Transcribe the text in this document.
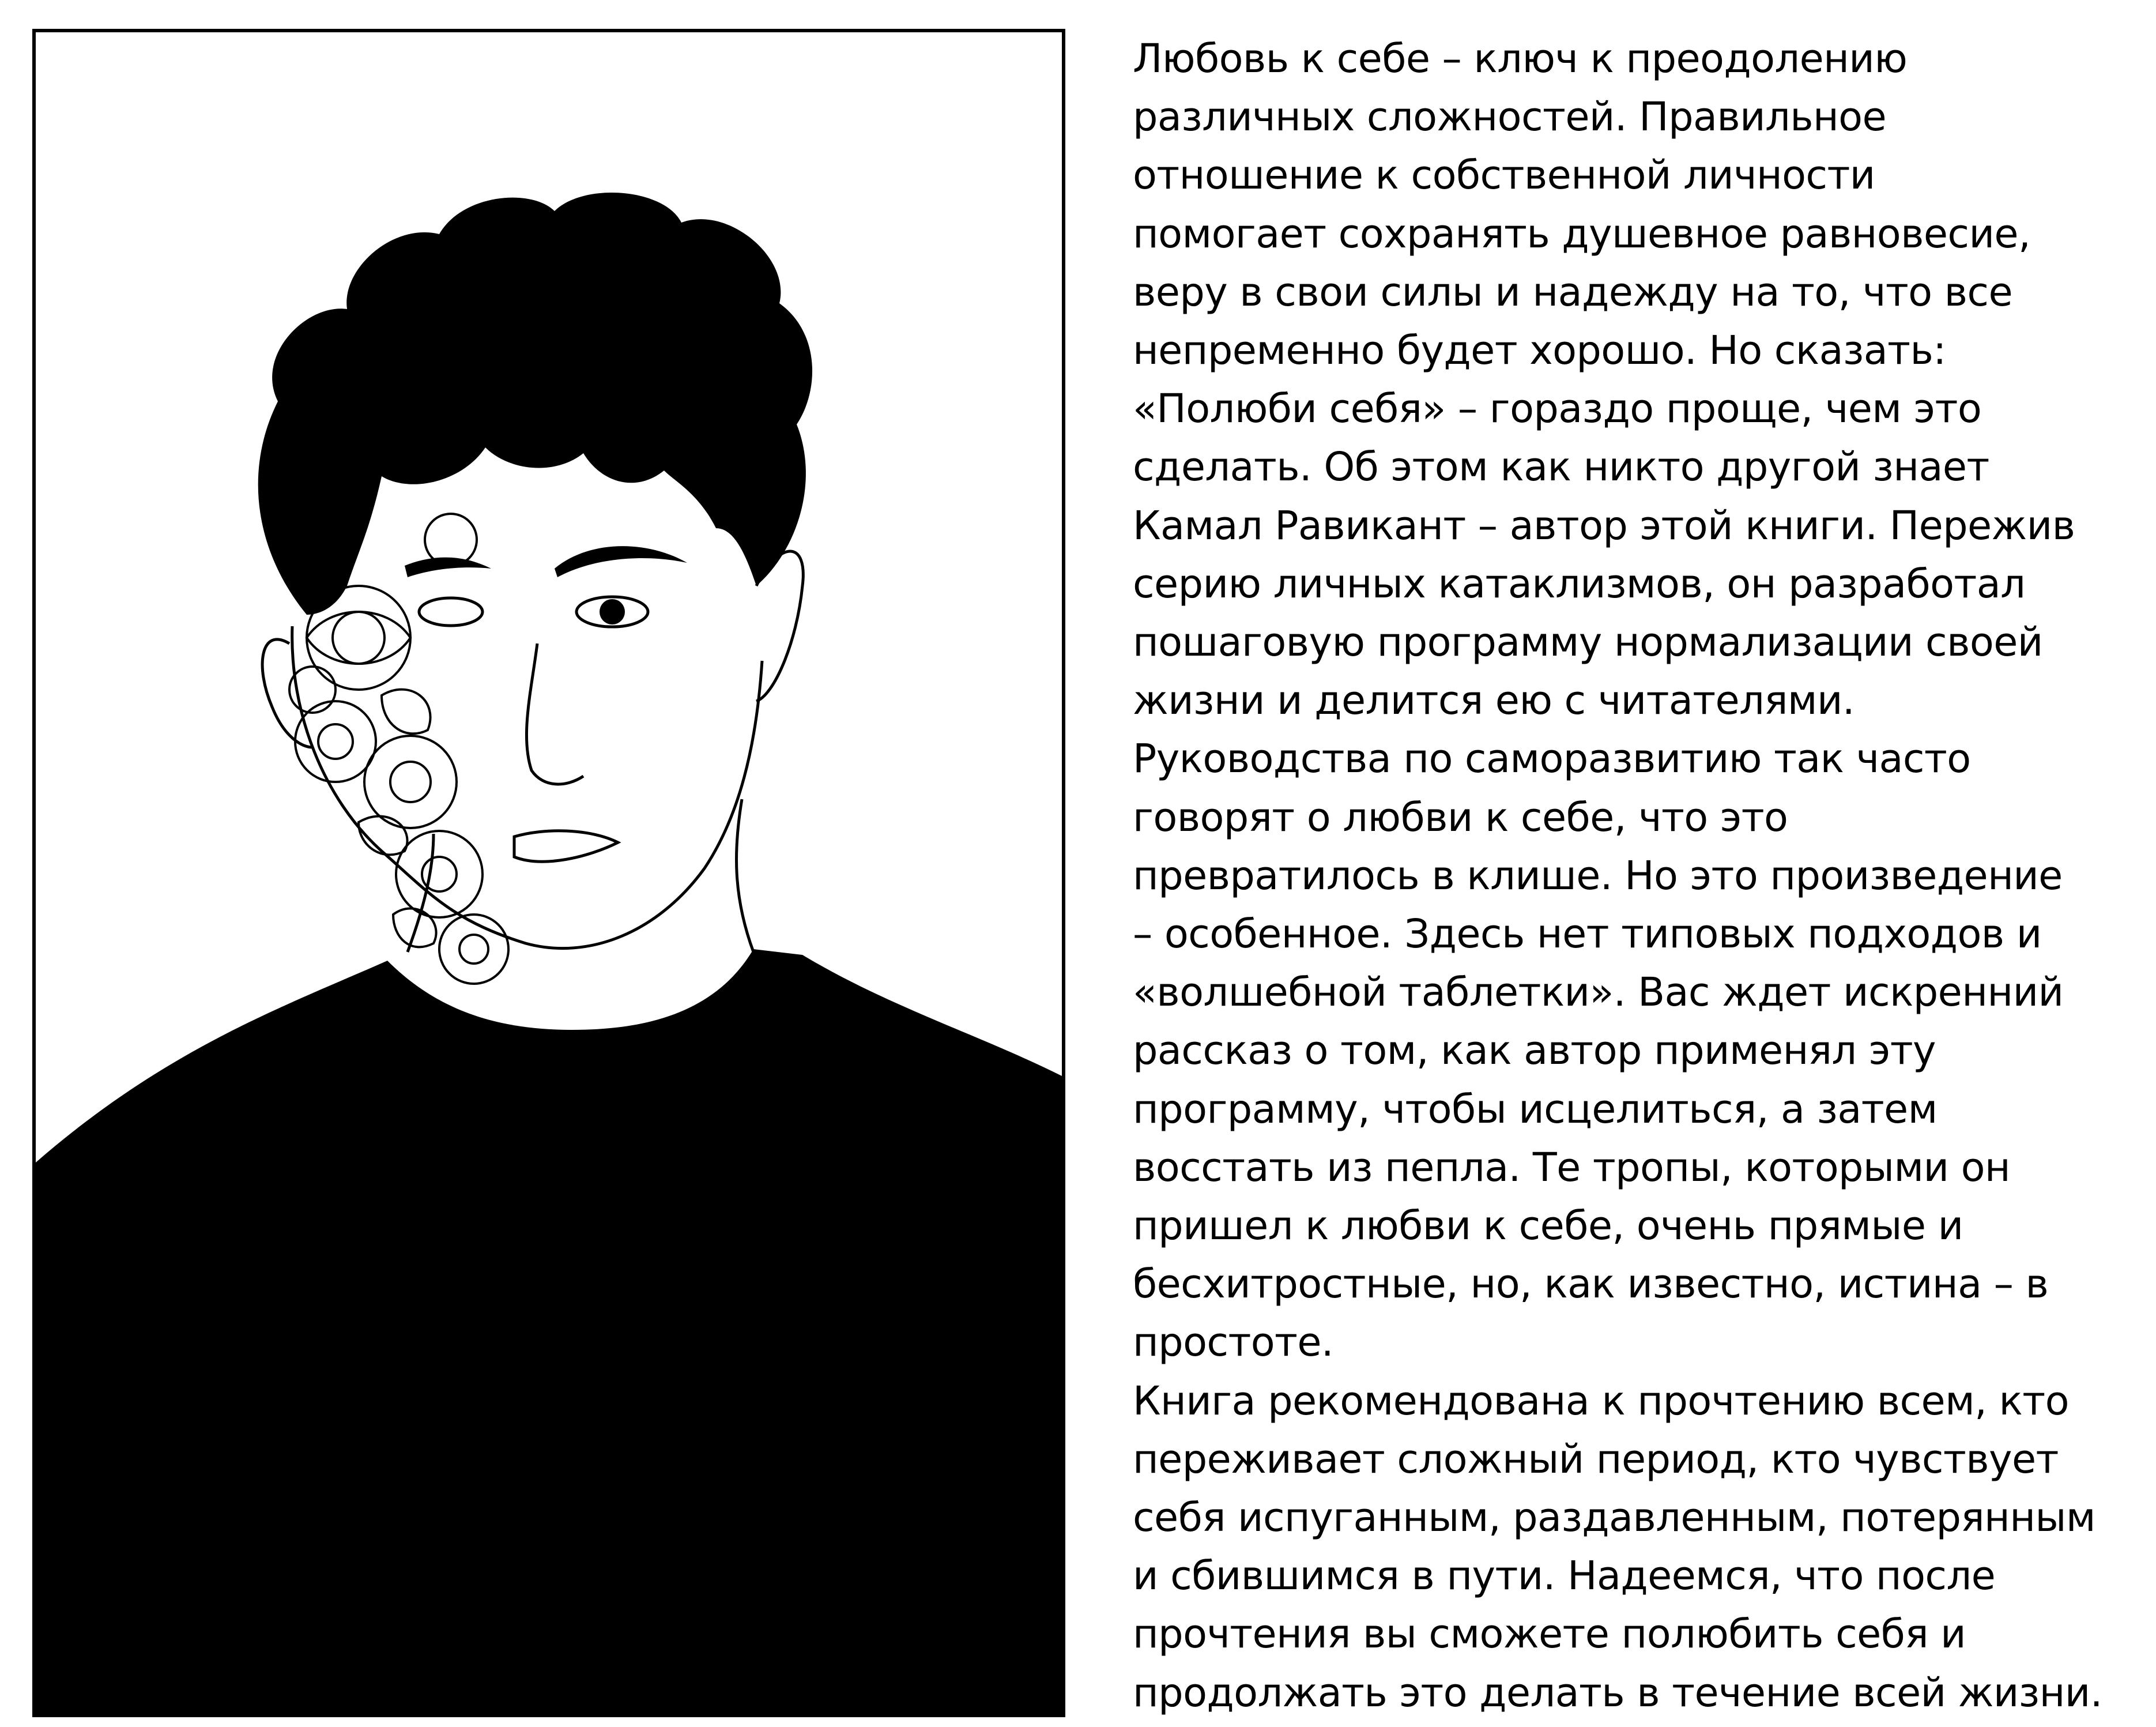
Любовь к себе – ключ к преодолению
различных сложностей. Правильное
отношение к собственной личности
помогает сохранять душевное равновесие,
веру в свои силы и надежду на то, что все
непременно будет хорошо. Но сказать:
«Полюби себя» – гораздо проще, чем это
сделать. Об этом как никто другой знает
Камал Равикант – автор этой книги. Пережив
серию личных катаклизмов, он разработал
пошаговую программу нормализации своей
жизни и делится ею с читателями.
Руководства по саморазвитию так часто
говорят о любви к себе, что это
превратилось в клише. Но это произведение
– особенное. Здесь нет типовых подходов и
«волшебной таблетки». Вас ждет искренний
рассказ о том, как автор применял эту
программу, чтобы исцелиться, а затем
восстать из пепла. Те тропы, которыми он
пришел к любви к себе, очень прямые и
бесхитростные, но, как известно, истина – в
простоте.
Книга рекомендована к прочтению всем, кто
переживает сложный период, кто чувствует
себя испуганным, раздавленным, потерянным
и сбившимся в пути. Надеемся, что после
прочтения вы сможете полюбить себя и
продолжать это делать в течение всей жизни.
